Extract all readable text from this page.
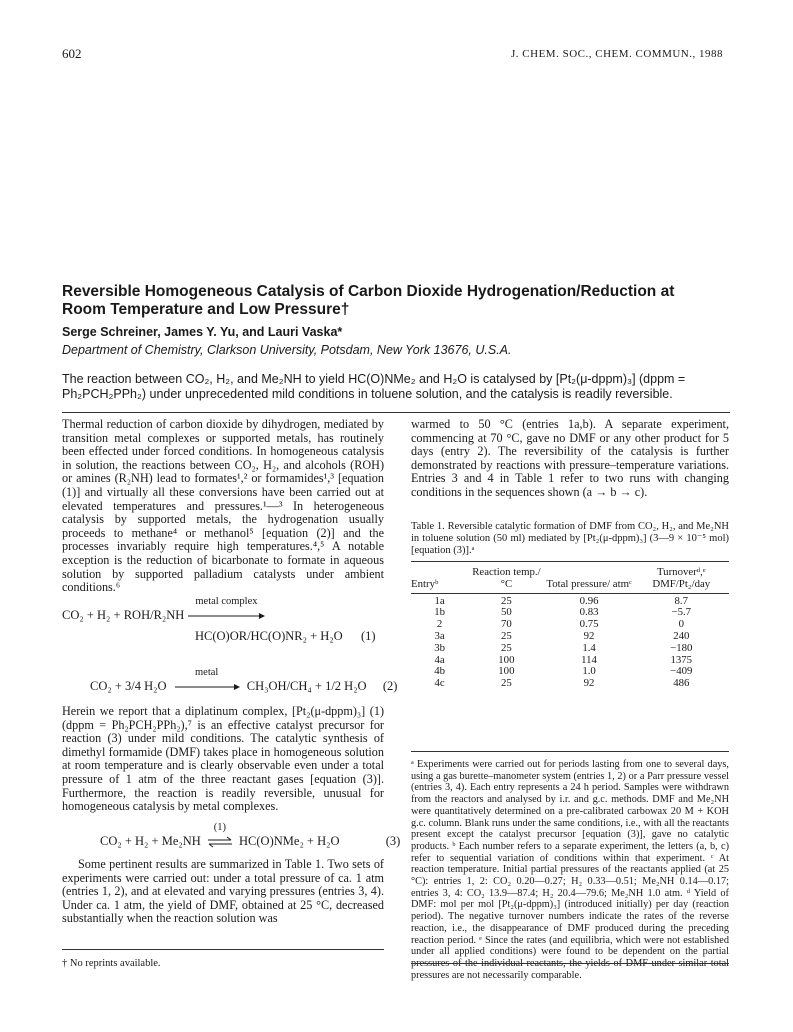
602	J. CHEM. SOC., CHEM. COMMUN., 1988
Reversible Homogeneous Catalysis of Carbon Dioxide Hydrogenation/Reduction at
Room Temperature and Low Pressure†
Serge Schreiner, James Y. Yu, and Lauri Vaska*
Department of Chemistry, Clarkson University, Potsdam, New York 13676, U.S.A.
The reaction between CO₂, H₂, and Me₂NH to yield HC(O)NMe₂ and H₂O is catalysed by [Pt₂(μ-dppm)₃] (dppm =
Ph₂PCH₂PPh₂) under unprecedented mild conditions in toluene solution, and the catalysis is readily reversible.

Thermal reduction of carbon dioxide by dihydrogen, mediated by transition metal complexes or supported metals, has routinely been effected under forced conditions. In homogeneous catalysis in solution, the reactions between CO₂, H₂, and alcohols (ROH) or amines (R₂NH) lead to formates¹,² or formamides¹,³ [equation (1)] and virtually all these conversions have been carried out at elevated temperatures and pressures.¹—³ In heterogeneous catalysis by supported metals, the hydrogenation usually proceeds to methane⁴ or methanol⁵ [equation (2)] and the processes invariably require high temperatures.⁴,⁵ A notable exception is the reduction of bicarbonate to formate in aqueous solution by supported palladium catalysts under ambient conditions.⁶

CO₂ + H₂ + ROH/R₂NH
metal complex
HC(O)OR/HC(O)NR₂ + H₂O (1)
CO₂ + 3/4 H₂O
metal
CH₃OH/CH₄ + 1/2 H₂O (2)

Herein we report that a diplatinum complex, [Pt₂(μ-dppm)₃] (1) (dppm = Ph₂PCH₂PPh₂),⁷ is an effective catalyst precursor for reaction (3) under mild conditions. The catalytic synthesis of dimethyl formamide (DMF) takes place in homogeneous solution at room temperature and is clearly observable even under a total pressure of 1 atm of the three reactant gases [equation (3)]. Furthermore, the reaction is readily reversible, unusual for homogeneous catalysis by metal complexes.

CO₂ + H₂ + Me₂NH
(1)
HC(O)NMe₂ + H₂O	(3)

Some pertinent results are summarized in Table 1. Two sets of experiments were carried out: under a total pressure of ca. 1 atm (entries 1, 2), and at elevated and varying pressures (entries 3, 4). Under ca. 1 atm, the yield of DMF, obtained at 25 °C, decreased substantially when the reaction solution was

† No reprints available.

warmed to 50 °C (entries 1a,b). A separate experiment, commencing at 70 °C, gave no DMF or any other product for 5 days (entry 2). The reversibility of the catalysis is further demonstrated by reactions with pressure–temperature variations. Entries 3 and 4 in Table 1 refer to two runs with changing conditions in the sequences shown (a → b → c).

Table 1. Reversible catalytic formation of DMF from CO₂, H₂, and Me₂NH in toluene solution (50 ml) mediated by [Pt₂(μ-dppm)₃] (3—9 × 10⁻⁵ mol) [equation (3)].ᵃ
Entryᵇ	Reaction temp./°C	Total pressure/ atmᶜ	Turnoverᵈ,ᵉ DMF/Pt₂/day

1a	25	0.96	8.7
1b	50	0.83	−5.7
2	70	0.75	0
3a	25	92	240
3b	25	1.4	−180
4a	100	114	1375
4b	100	1.0	−409
4c	25	92	486
ᵃ Experiments were carried out for periods lasting from one to several days, using a gas burette–manometer system (entries 1, 2) or a Parr pressure vessel (entries 3, 4). Each entry represents a 24 h period. Samples were withdrawn from the reactors and analysed by i.r. and g.c. methods. DMF and Me₂NH were quantitatively determined on a pre-calibrated carbowax 20 M + KOH g.c. column. Blank runs under the same conditions, i.e., with all the reactants present except the catalyst precursor [equation (3)], gave no catalytic products. ᵇ Each number refers to a separate experiment, the letters (a, b, c) refer to sequential variation of conditions within that experiment. ᶜ At reaction temperature. Initial partial pressures of the reactants applied (at 25 °C): entries 1, 2: CO₂ 0.20—0.27; H₂ 0.33—0.51; Me₂NH 0.14—0.17; entries 3, 4: CO₂ 13.9—87.4; H₂ 20.4—79.6; Me₂NH 1.0 atm. ᵈ Yield of DMF: mol per mol [Pt₂(μ-dppm)₃] (introduced initially) per day (reaction period). The negative turnover numbers indicate the rates of the reverse reaction, i.e., the disappearance of DMF produced during the preceding reaction period. ᵉ Since the rates (and equilibria, which were not established under all applied conditions) were found to be dependent on the partial pressures are not necessarily comparable.
